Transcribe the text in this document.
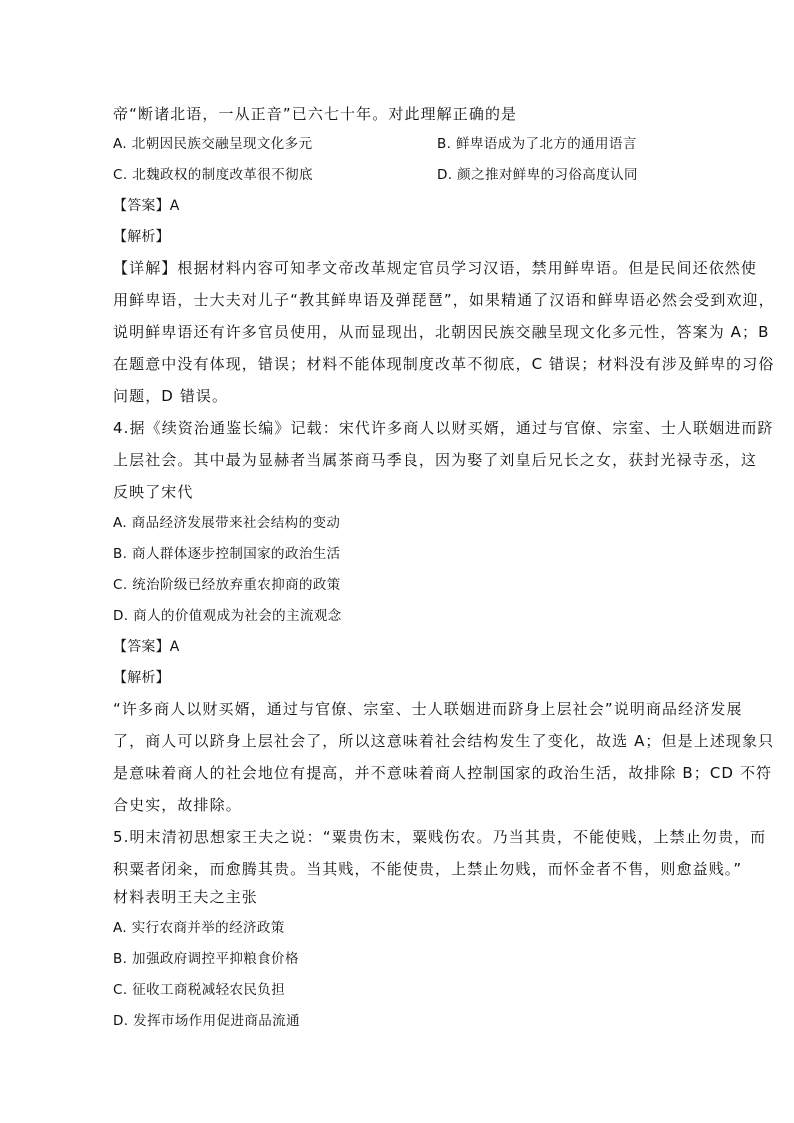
帝“断诸北语，一从正音”已六七十年。对此理解正确的是
A. 北朝因民族交融呈现文化多元	B. 鲜卑语成为了北方的通用语言
C. 北魏政权的制度改革很不彻底	D. 颜之推对鲜卑的习俗高度认同
【答案】A
【解析】
【详解】根据材料内容可知孝文帝改革规定官员学习汉语，禁用鲜卑语。但是民间还依然使
用鲜卑语，士大夫对儿子“教其鲜卑语及弹琵琶”，如果精通了汉语和鲜卑语必然会受到欢迎，
说明鲜卑语还有许多官员使用，从而显现出，北朝因民族交融呈现文化多元性，答案为 A；B
在题意中没有体现，错误；材料不能体现制度改革不彻底，C 错误；材料没有涉及鲜卑的习俗
问题，D 错误。
4.据《续资治通鉴长编》记载：宋代许多商人以财买婿，通过与官僚、宗室、士人联姻进而跻
上层社会。其中最为显赫者当属茶商马季良，因为娶了刘皇后兄长之女，获封光禄寺丞，这
反映了宋代
A. 商品经济发展带来社会结构的变动
B. 商人群体逐步控制国家的政治生活
C. 统治阶级已经放弃重农抑商的政策
D. 商人的价值观成为社会的主流观念
【答案】A
【解析】
“许多商人以财买婿，通过与官僚、宗室、士人联姻进而跻身上层社会”说明商品经济发展
了，商人可以跻身上层社会了，所以这意味着社会结构发生了变化，故选 A；但是上述现象只
是意味着商人的社会地位有提高，并不意味着商人控制国家的政治生活，故排除 B；CD 不符
合史实，故排除。
5.明末清初思想家王夫之说：“粟贵伤末，粟贱伤农。乃当其贵，不能使贱，上禁止勿贵，而
积粟者闭籴，而愈腾其贵。当其贱，不能使贵，上禁止勿贱，而怀金者不售，则愈益贱。”
材料表明王夫之主张
A. 实行农商并举的经济政策
B. 加强政府调控平抑粮食价格
C. 征收工商税减轻农民负担
D. 发挥市场作用促进商品流通
